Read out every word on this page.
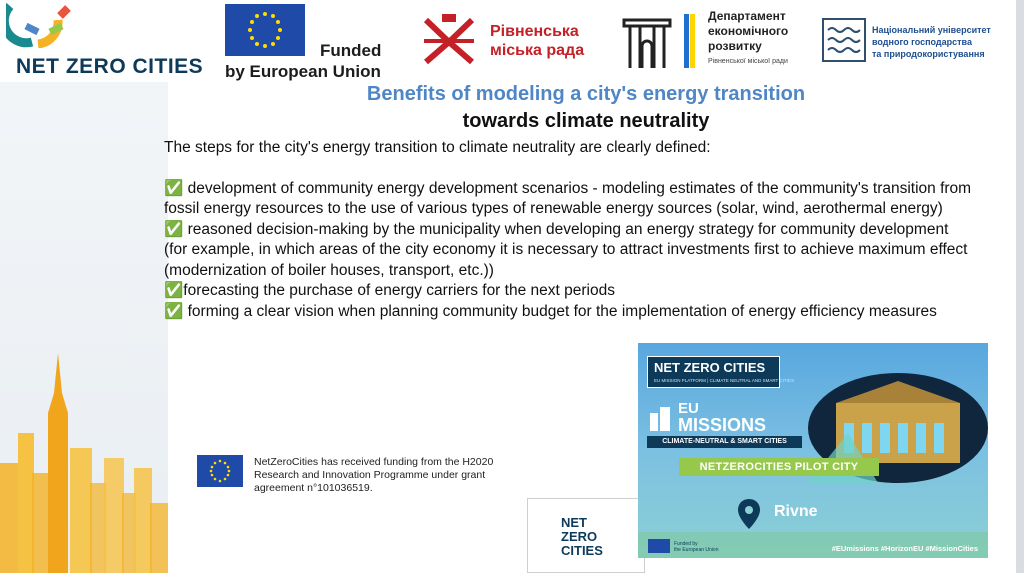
NET ZERO CITIES
Funded
by European Union
Рівненська
міська рада
Департамент
економічного
розвитку
Рівненської міської ради
Національний університет
водного господарства
та природокористування
Benefits of modeling a city's energy transition
towards climate neutrality

The steps for the city's energy transition to climate neutrality are clearly defined:

✅ development of community energy development scenarios - modeling estimates of the community's transition from fossil energy resources to the use of various types of renewable energy sources (solar, wind, aerothermal energy)

✅ reasoned decision-making by the municipality when developing an energy strategy for community development (for example, in which areas of the city economy it is necessary to attract investments first to achieve maximum effect (modernization of boiler houses, transport, etc.))

✅forecasting the purchase of energy carriers for the next periods

✅ forming a clear vision when planning community budget for the implementation of energy efficiency measures

NetZeroCities has received funding from the H2020 Research and Innovation Programme under grant agreement n°101036519.
NET
ZERO
CITIES
NET ZERO CITIES
EU MISSION PLATFORM | CLIMATE NEUTRAL AND SMART CITIES
EU
MISSIONS
CLIMATE-NEUTRAL & SMART CITIES
NETZEROCITIES PILOT CITY
Rivne
Funded by
the European Union	#EUmissions #HorizonEU #MissionCities
